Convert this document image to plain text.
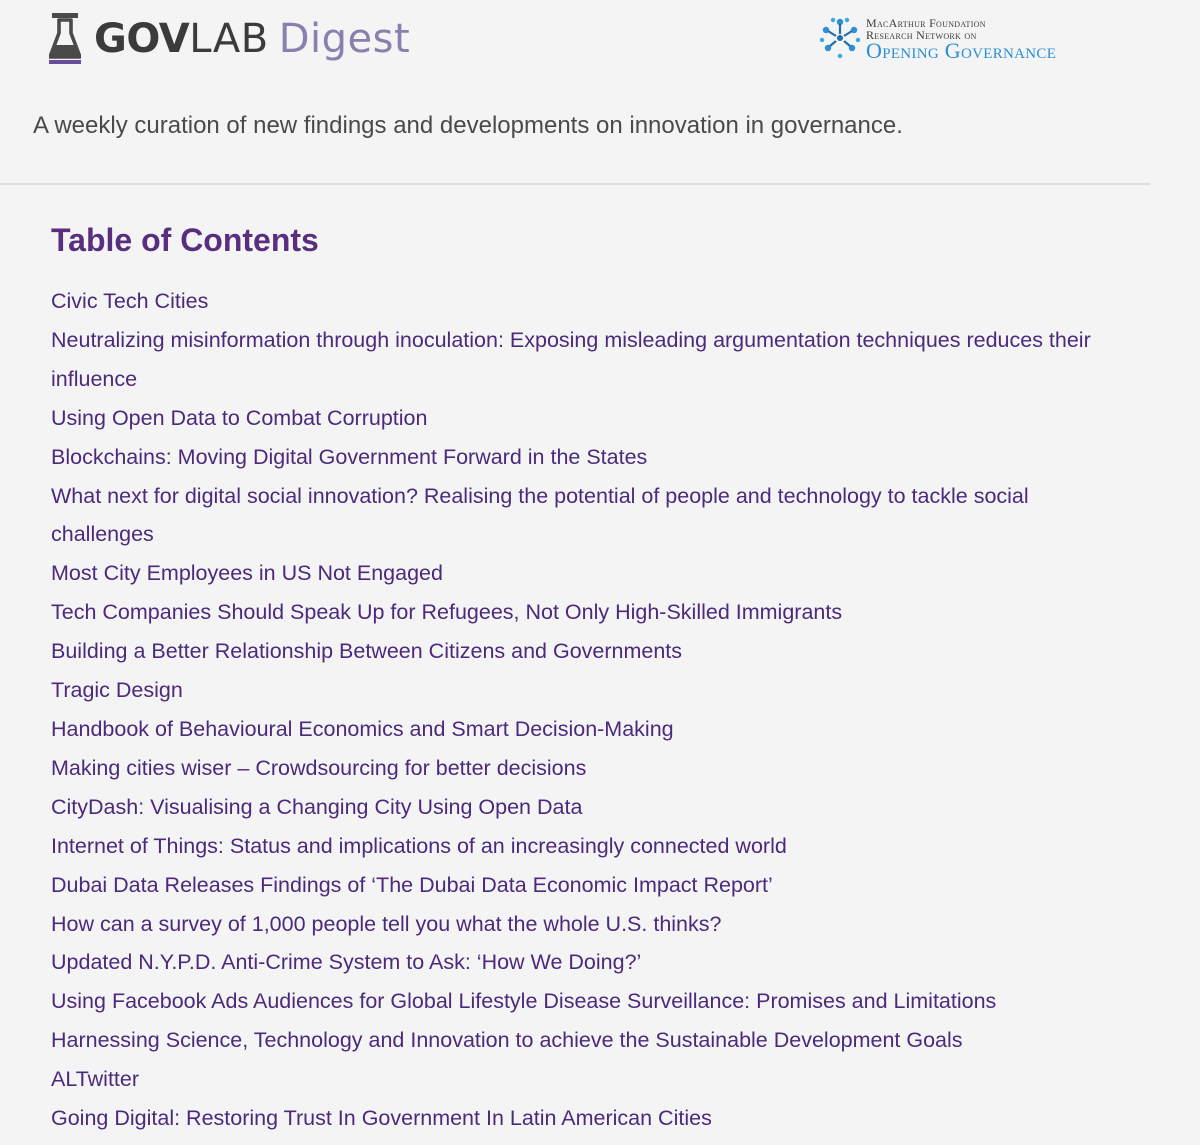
GOVLAB Digest	MacArthur Foundation
Research Network on
Opening Governance

A weekly curation of new findings and developments on innovation in governance.

Table of Contents
Civic Tech Cities
Neutralizing misinformation through inoculation: Exposing misleading argumentation techniques reduces their influence
Using Open Data to Combat Corruption
Blockchains: Moving Digital Government Forward in the States
What next for digital social innovation? Realising the potential of people and technology to tackle social challenges
Most City Employees in US Not Engaged
Tech Companies Should Speak Up for Refugees, Not Only High-Skilled Immigrants
Building a Better Relationship Between Citizens and Governments
Tragic Design
Handbook of Behavioural Economics and Smart Decision-Making
Making cities wiser – Crowdsourcing for better decisions
CityDash: Visualising a Changing City Using Open Data
Internet of Things: Status and implications of an increasingly connected world
Dubai Data Releases Findings of ‘The Dubai Data Economic Impact Report’
How can a survey of 1,000 people tell you what the whole U.S. thinks?
Updated N.Y.P.D. Anti-Crime System to Ask: ‘How We Doing?’
Using Facebook Ads Audiences for Global Lifestyle Disease Surveillance: Promises and Limitations
Harnessing Science, Technology and Innovation to achieve the Sustainable Development Goals
ALTwitter
Going Digital: Restoring Trust In Government In Latin American Cities
